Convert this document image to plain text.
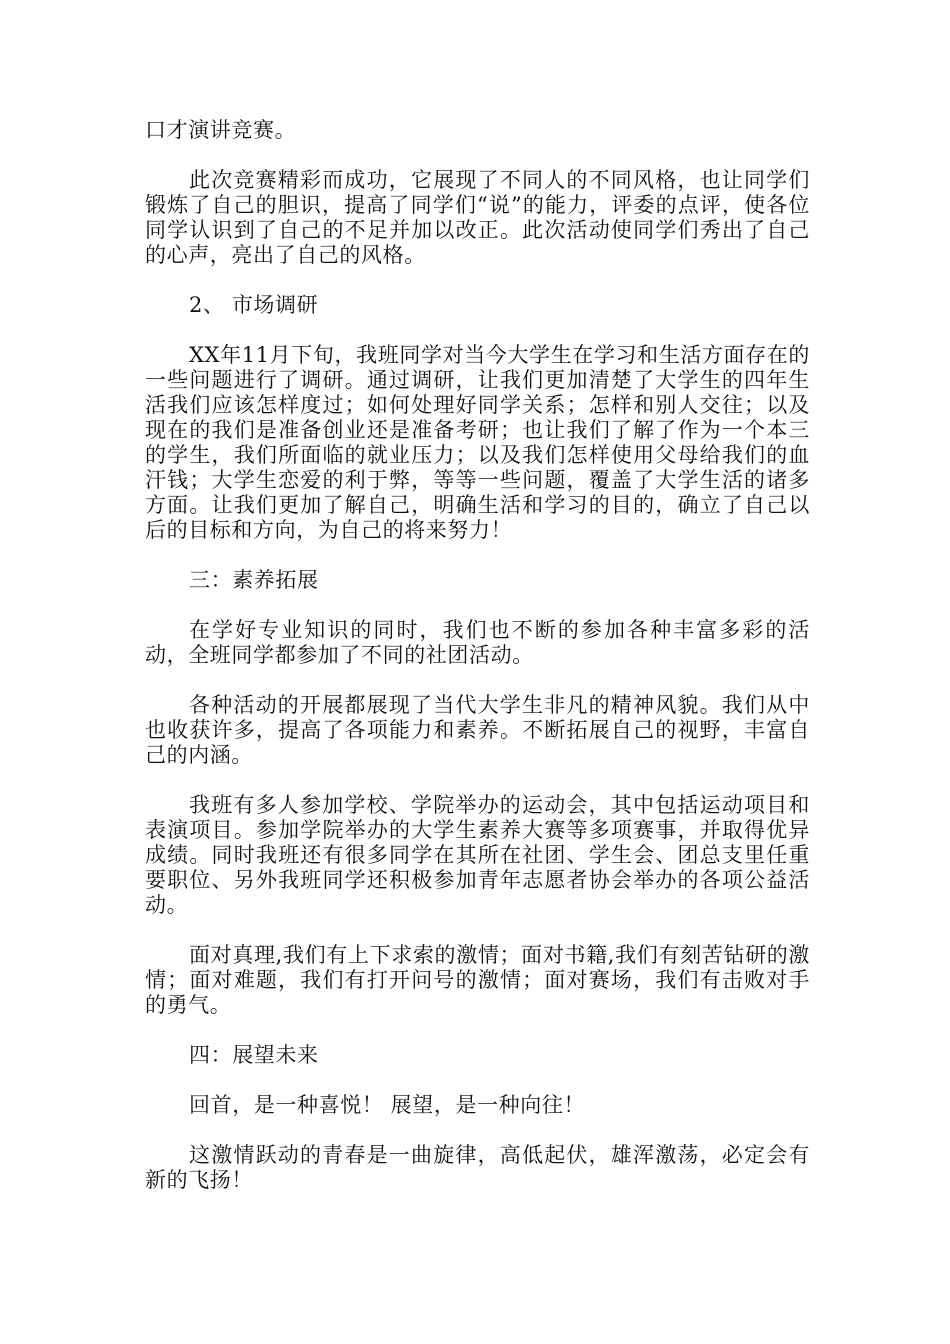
口才演讲竞赛。

此次竞赛精彩而成功，它展现了不同人的不同风格，也让同学们锻炼了自己的胆识，提高了同学们“说”的能力，评委的点评，使各位同学认识到了自己的不足并加以改正。此次活动使同学们秀出了自己的心声，亮出了自己的风格。

2、 市场调研

XX年11月下旬，我班同学对当今大学生在学习和生活方面存在的一些问题进行了调研。通过调研，让我们更加清楚了大学生的四年生活我们应该怎样度过；如何处理好同学关系；怎样和别人交往；以及现在的我们是准备创业还是准备考研；也让我们了解了作为一个本三的学生，我们所面临的就业压力；以及我们怎样使用父母给我们的血汗钱；大学生恋爱的利于弊，等等一些问题，覆盖了大学生活的诸多方面。让我们更加了解自己，明确生活和学习的目的，确立了自己以后的目标和方向，为自己的将来努力！

三：素养拓展

在学好专业知识的同时，我们也不断的参加各种丰富多彩的活动，全班同学都参加了不同的社团活动。

各种活动的开展都展现了当代大学生非凡的精神风貌。我们从中也收获许多，提高了各项能力和素养。不断拓展自己的视野，丰富自己的内涵。

我班有多人参加学校、学院举办的运动会，其中包括运动项目和表演项目。参加学院举办的大学生素养大赛等多项赛事，并取得优异成绩。同时我班还有很多同学在其所在社团、学生会、团总支里任重要职位、另外我班同学还积极参加青年志愿者协会举办的各项公益活动。

面对真理,我们有上下求索的激情；面对书籍,我们有刻苦钻研的激情；面对难题，我们有打开问号的激情；面对赛场，我们有击败对手的勇气。

四：展望未来

回首，是一种喜悦！ 展望，是一种向往！

这激情跃动的青春是一曲旋律，高低起伏，雄浑激荡，必定会有新的飞扬！
